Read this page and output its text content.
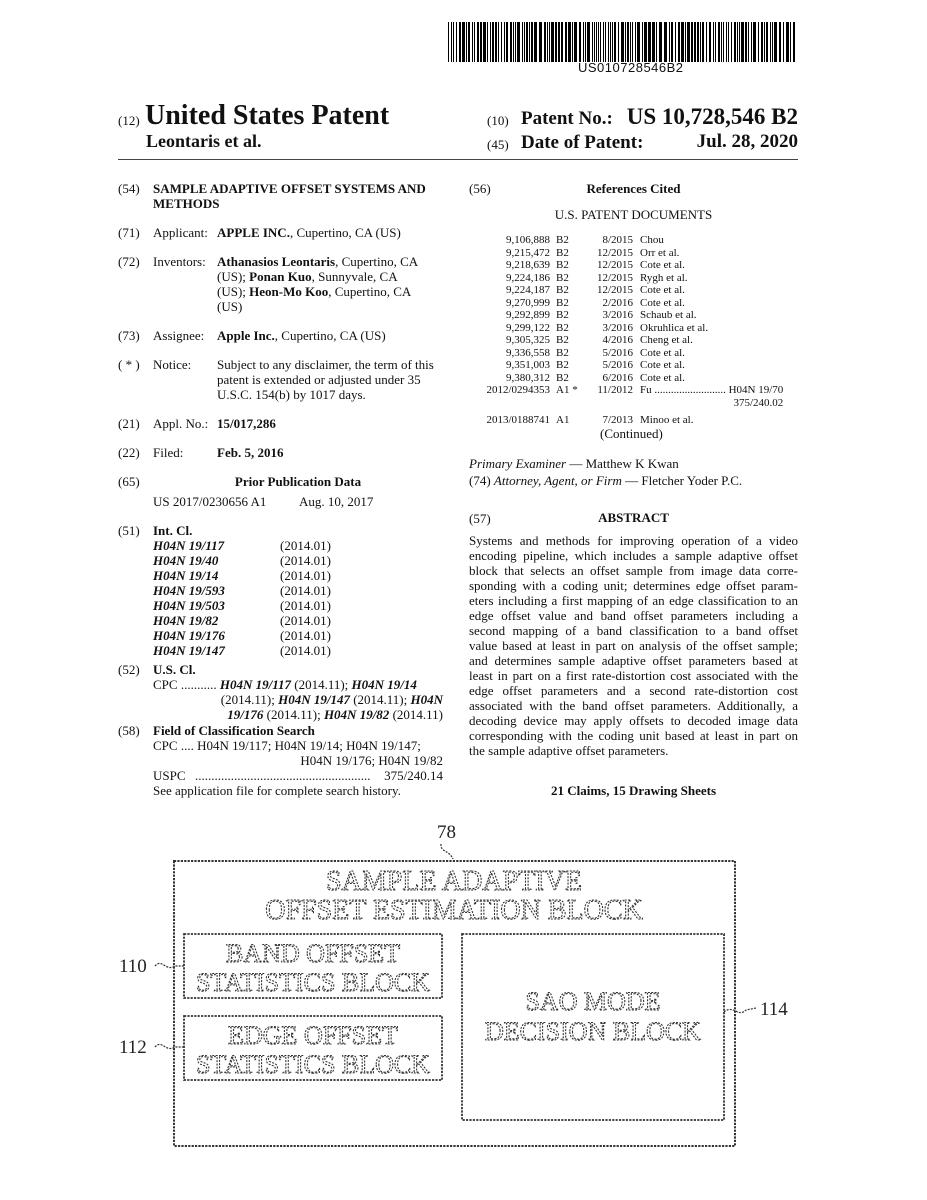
US010728546B2
(12) United States Patent
Leontaris et al.
(10) Patent No.: US 10,728,546 B2
(45) Date of Patent:	Jul. 28, 2020
(54) SAMPLE ADAPTIVE OFFSET SYSTEMS AND
METHODS
(71) Applicant: APPLE INC., Cupertino, CA (US)
(72) Inventors: Athanasios Leontaris, Cupertino, CA
(US); Ponan Kuo, Sunnyvale, CA
(US); Heon-Mo Koo, Cupertino, CA
(US)
(73) Assignee: Apple Inc., Cupertino, CA (US)
( * ) Notice: Subject to any disclaimer, the term of this
patent is extended or adjusted under 35
U.S.C. 154(b) by 1017 days.
(21) Appl. No.: 15/017,286
(22) Filed:	Feb. 5, 2016
(65)	Prior Publication Data
US 2017/0230656 A1	Aug. 10, 2017
(51) Int. Cl.
H04N 19/117	(2014.01)
H04N 19/40	(2014.01)
H04N 19/14	(2014.01)
H04N 19/593	(2014.01)
H04N 19/503	(2014.01)
H04N 19/82	(2014.01)
H04N 19/176	(2014.01)
H04N 19/147	(2014.01)
(52) U.S. Cl.
CPC ........... H04N 19/117 (2014.11); H04N 19/14
(2014.11); H04N 19/147 (2014.11); H04N
19/176 (2014.11); H04N 19/82 (2014.11)
(58) Field of Classification Search
CPC .... H04N 19/117; H04N 19/14; H04N 19/147;
H04N 19/176; H04N 19/82
USPC ......................................................	375/240.14
See application file for complete search history.
(56)	References Cited
U.S. PATENT DOCUMENTS
9,106,888	B2	8/2015	Chou
9,215,472	B2	12/2015	Orr et al.
9,218,639	B2	12/2015	Cote et al.
9,224,186	B2	12/2015	Rygh et al.
9,224,187	B2	12/2015	Cote et al.
9,270,999	B2	2/2016	Cote et al.
9,292,899	B2	3/2016	Schaub et al.
9,299,122	B2	3/2016	Okruhlica et al.
9,305,325	B2	4/2016	Cheng et al.
9,336,558	B2	5/2016	Cote et al.
9,351,003	B2	5/2016	Cote et al.
9,380,312	B2	6/2016	Cote et al.
2012/0294353	A1 *	11/2012	Fu .......................... H04N 19/70
			375/240.02
2013/0188741	A1	7/2013	Minoo et al.
(Continued)
Primary Examiner — Matthew K Kwan
(74) Attorney, Agent, or Firm — Fletcher Yoder P.C.
(57)	ABSTRACT
Systems and methods for improving operation of a video
encoding pipeline, which includes a sample adaptive offset
block that selects an offset sample from image data corre-
sponding with a coding unit; determines edge offset param-
eters including a first mapping of an edge classification to an
edge offset value and band offset parameters including a
second mapping of a band classification to a band offset
value based at least in part on analysis of the offset sample;
and determines sample adaptive offset parameters based at
least in part on a first rate-distortion cost associated with the
edge offset parameters and a second rate-distortion cost
associated with the band offset parameters. Additionally, a
decoding device may apply offsets to decoded image data
corresponding with the coding unit based at least in part on
the sample adaptive offset parameters.
21 Claims, 15 Drawing Sheets
78
SAMPLE ADAPTIVE
OFFSET ESTIMATION BLOCK
BAND OFFSET
STATISTICS BLOCK
EDGE OFFSET
STATISTICS BLOCK
SAO MODE
DECISION BLOCK
110
112
114
